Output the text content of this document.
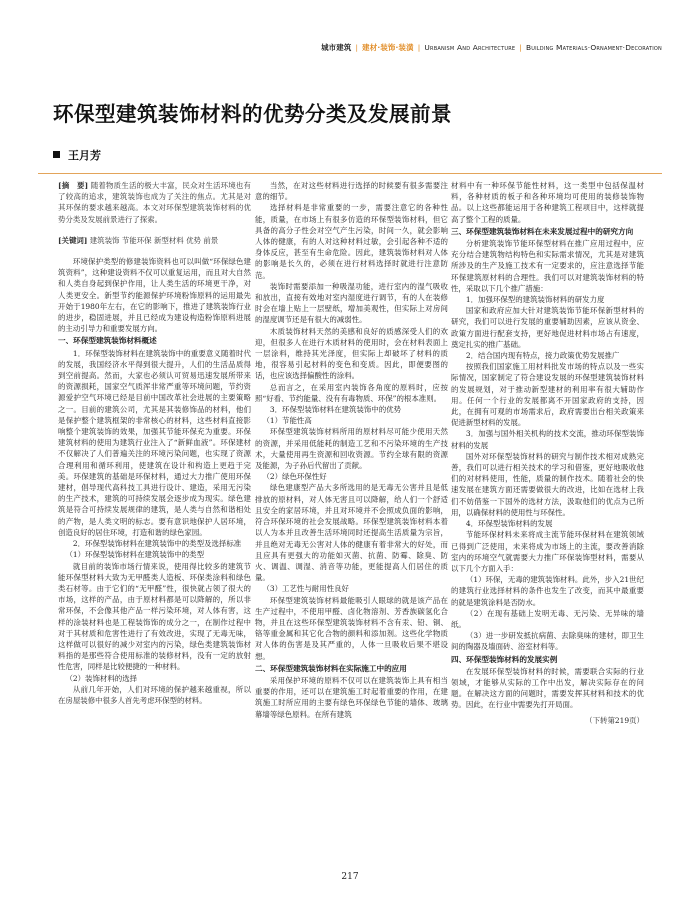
城市建筑 | 建材·装饰·装潢 | Urbanism And Architecture | Building Materials·Ornament·Decoration
环保型建筑装饰材料的优势分类及发展前景
王月芳

[摘　要] 随着物质生活的极大丰富，民众对生活环境也有了较高的追求，建筑装饰也成为了关注的焦点。尤其是对其环保的要求越来越高。本文对环保型建筑装饰材料的优势分类及发展前景进行了探索。

[关键词] 建筑装饰 节能环保 新型材料 优势 前景

环境保护类型的修建装饰资料也可以叫做“环保绿色建筑资料”，这种建设资料不仅可以重复运用，而且对大自然和人类自身起到保护作用，让人类生活的环境更干净，对人类更安全。新型节约能源保护环境粉饰原料的运用最先开始于1980年左右，在它的影响下，推进了建筑装饰行业的进步，稳固进展，并且已经成为建设构造粉饰原料进展的主动引导力和重要发展方向。

一、环保型建筑装饰材料概述

1．环保型装饰材料在建筑装饰中的重要意义随着时代的发展，我国经济水平得到很大提升，人们的生活品质得到空前提高。然而，大家也必须认可贸易迅速发展所带来的资源损耗，国家空气质浑非常严重等环境问题，节约资源爱护空气环境已经是目前中国改革社会进展的主要策略之一。目前的建筑公司，尤其是其装修饰品的材料，他们是保护整个建筑框架的非常核心的材料，这些材料直接影响整个建筑装饰的效果，加强其节能环保充为重要。环保建筑材料的使用为建筑行业注入了“新鲜血液”。环保建材不仅解决了人们普遍关注的环境污染问题，也实现了资源合理利用和循环利用，使建筑在设计和构造上更趋于完美。环保建筑的基础是环保材料，通过大力推广使用环保建材，倡导现代高科技工具进行设计、建造，采用无污染的生产技术，建筑的可持续发展会逐步成为现实。绿色建筑是符合可持续发展规律的建筑，是人类与自然和谐相处的产物，是人类文明的标志。要有意识地保护人居环境，创造良好的居住环境，打造和谐的绿色家园。

2．环保型装饰材料在建筑装饰中的类型及选择标准

（1）环保型装饰材料在建筑装饰中的类型

就目前的装饰市场行情来说，使用得比较多的建筑节能环保型材料大致为无甲醛类人造板、环保类涂料和绿色类石材等。由于它们的“无甲醛”性，很快就占领了很大的市场，这样的产品，由于原材料都是可以降解的，所以非常环保，不会像其他产品一样污染环境，对人体有害，这样的涂装材料也是工程装饰饰的成分之一，在制作过程中对于其材质和危害性进行了有效改进，实现了无毒无味，这样做可以很好的减少对室内的污染，绿色类建筑装饰材料指的是那些符合使用标准的装修材料，没有一定的放射性危害，同样是比较便捷的一种材料。

（2）装饰材料的选择

从前几年开始，人们对环境的保护越来越重视，所以在房屋装修中很多人首先考虑环保型的材料。

当然，在对这些材料进行选择的时候要有很多需要注意的细节。

选择材料是非常重要的一步，需要注意它的各种性能，质量，在市场上有很多仿造的环保型装饰材料，但它具备的高分子性会对空气产生污染，时间一久，就会影响人体的健康，有的人对这种材料过敏，会引起各种不适的身体反应，甚至有生命危险。因此，建筑装饰材料对人体的影响是长久的，必须在进行材料选择时就进行注意防范。

装饰时需要添加一种吸湿功能，进行室内的湿气吸收和放出，直接有效地对室内湿度进行调节，有的人在装修时会在墙上贴上一层壁纸，增加美观性，但实际上对房间的湿度调节还是有很大的减弱性。

木质装饰材料天然的美感和良好的质感深受人们的欢迎，但很多人在进行木质材料的使用时，会在材料表面上一层涂料，维持其光泽度，但实际上却破坏了材料的质地，很容易引起材料的变色和变质。因此，即便要图的话，也应该选择偏酸性的涂料。

总而言之，在采用室内装饰各角度的原料时，应按照“好看、节约能量、没有有毒物质、环保”的根本准则。

3．环保型装饰材料在建筑装饰中的优势

（1）节能性高

环保型建筑装饰材料所用的原材料尽可能少使用天然的资源，并采用低能耗的制造工艺和不污染环境的生产技术，大量使用再生资源和回收资源。节约全球有限的资源及能源，为子孙后代留出了贡献。

（2）绿色环保性好

绿色建康型产品大多所选用的是无毒无公害并且是低排放的原材料，对人体无害且可以降解，给人们一个舒适且安全的家居环境，并且对环境并不会照成负面的影响，符合环保环境的社会发展战略。环保型建筑装饰材料本着以人为本并且改善生活环境同时还提高生活质量为宗旨，并且绝对无毒无公害对人体的健康有着非常大的好处，而且应具有更强大的功能如灭菌、抗菌、防霉、除臭、防火、调温、调湿、消音等功能，更能提高人们居住的质量。

（3）工艺性与耐用性良好

环保型建筑装饰材料最能吸引人眼球的就是该产品在生产过程中，不使用甲醛、卤化物溶剂、芳香族碳氢化合物，并且在这些环保型建筑装饰材料不含有汞、铅、铜、铬等重金属和其它化合物的颜料和添加剂。这些化学物质对人体的伤害是及其严重的，人体一旦吸收后果不堪设想。

二、环保型建筑装饰材料在实际施工中的应用

采用保护环境的原料不仅可以在建筑装饰上具有相当重要的作用，还可以在建筑施工时起着重要的作用，在建筑施工时所应用的主要有绿色环保绿色节能的墙体、玻璃幕墙等绿色原料。在所有建筑

材料中有一种环保节能性材料，这一类型中包括保温材料，各种材质的板子和各种环境均可使用的装修装饰物品。以上这些都能运用于各种建筑工程项目中，这样就提高了整个工程的质量。

三、环保型建筑装饰材料在未来发展过程中的研究方向

分析建筑装饰节能环保型材料在推广应用过程中，应充分结合建筑物结构特色和实际需求情况，尤其是对建筑所涉及的生产及施工技术有一定要求的，应注意选择节能环保建筑原材料的合理性。我们可以对建筑装饰材料的特性，采取以下几个推广措施：

1．加强环保型的建筑装饰材料的研发力度

国家和政府应加大针对建筑装饰节能环保新型材料的研究，我们可以进行发展的重要辅助因素，应该从资金、政策方面进行配套支持，更好地促进材料市场占有速度，奠定扎实的推广基础。

2．结合国内现有特点，接力政策优势发展推广

按照我们国家施工用材料批发市场的特点以及一些实际情况，国家制定了符合建设发展的环保型建筑装饰材料的发展规划，对于推动新型建材的利用率有很大辅助作用。任何一个行业的发展都离不开国家政府的支持，因此，在拥有可观的市场需求后，政府需要出台相关政策来促进新型材料的发展。

3．加强与国外相关机构的技术交流，推动环保型装饰材料的发展

国外对环保型装饰材料的研究与制作技术相对成熟完善，我们可以进行相关技术的学习和借鉴，更好地吸收他们的对材料使用，性能，质量的制作技术。随着社会的快速发展在建筑方面还需要做很大的改进，比如在选材上我们不妨借鉴一下国外的选材方法，汲取他们的优点为己所用，以确保材料的使用性与环保性。

4．环保型装饰材料的发展

节能环保材料未来将成主流节能环保材料在建筑领域已得到广泛使用，未来将成为市场上的主流，要改善消除室内的环境空气就需要大力推广环保装饰型材料，需要从以下几个方面入手：

（1）环保，无毒的建筑装饰材料。此外，步入21世纪的建筑行业选择材料的条件也发生了改变，而其中最重要的就是建筑涂料是否防水。

（2）在现有基础上发明无毒、无污染、无异味的墙纸。

（3）进一步研发抵抗病菌、去除臭味的建材，即卫生间的陶器及墙面砖、浴室材料等。

四、环保型装饰材料的发展实例

在发展环保型装饰材料的时候，需要联合实际的行业领域，才能够从实际的工作中出发，解决实际存在的问题。在解决这方面的问题时，需要发挥其材料和技术的优势。因此，在行业中需要先打开局面。

（下转第219页）

217
